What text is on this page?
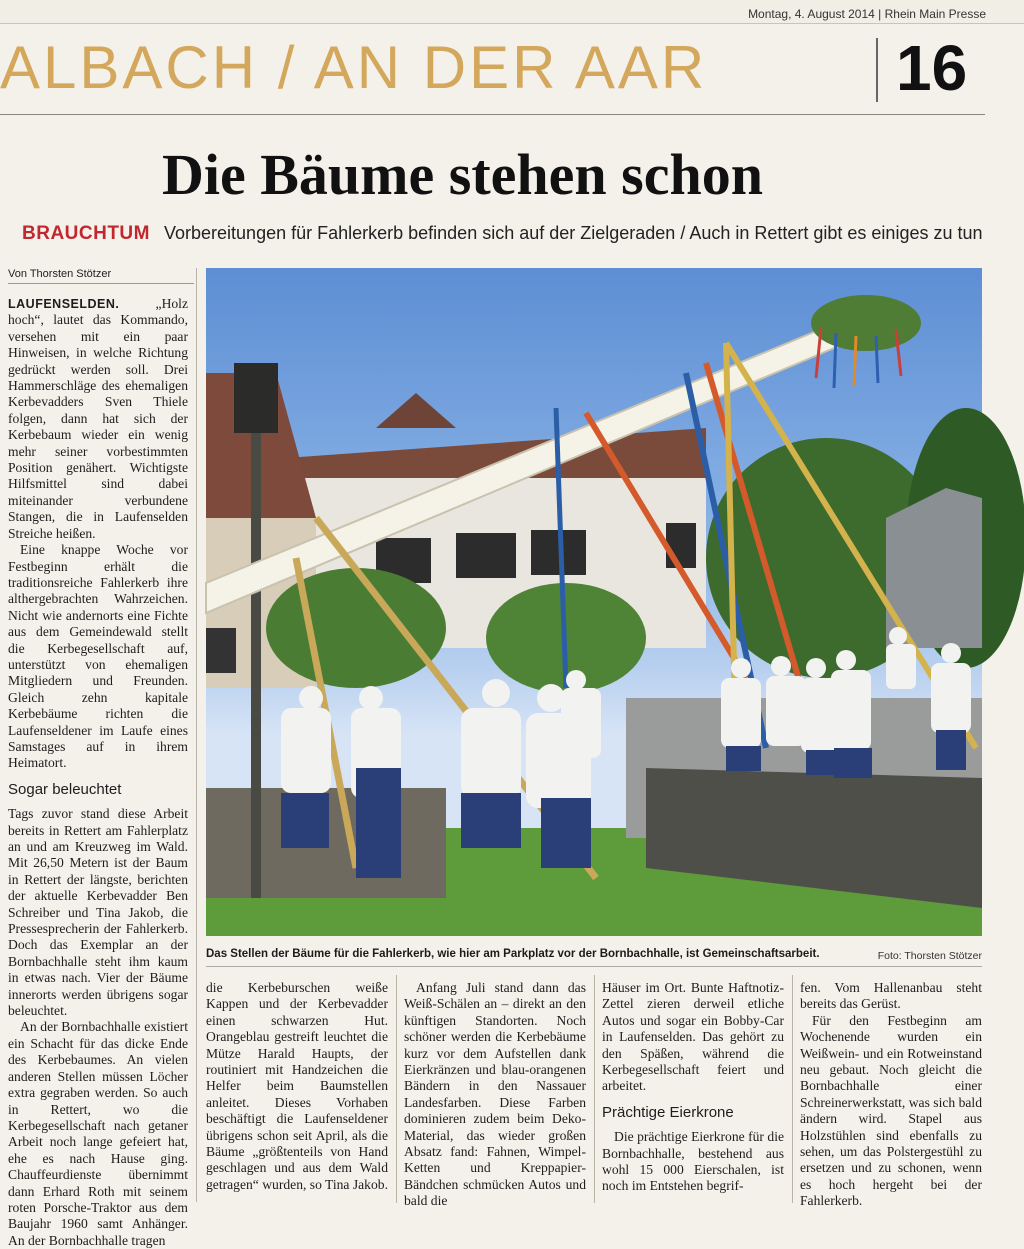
Montag, 4. August 2014 | Rhein Main Presse
ALBACH / AN DER AAR	16
Die Bäume stehen schon
BRAUCHTUM Vorbereitungen für Fahlerkerb befinden sich auf der Zielgeraden / Auch in Rettert gibt es einiges zu tun
Von Thorsten Stötzer
Das Stellen der Bäume für die Fahlerkerb, wie hier am Parkplatz vor der Bornbachhalle, ist Gemeinschaftsarbeit.	Foto: Thorsten Stötzer

LAUFENSELDEN. „Holz hoch“, lautet das Kommando, versehen mit ein paar Hinweisen, in welche Richtung gedrückt werden soll. Drei Hammerschläge des ehemaligen Kerbevadders Sven Thiele folgen, dann hat sich der Kerbebaum wieder ein wenig mehr seiner vorbestimmten Position genähert. Wichtigste Hilfsmittel sind dabei miteinander verbundene Stangen, die in Laufenselden Streiche heißen.

Eine knappe Woche vor Festbeginn erhält die traditionsreiche Fahlerkerb ihre althergebrachten Wahrzeichen. Nicht wie andernorts eine Fichte aus dem Gemeindewald stellt die Kerbegesellschaft auf, unterstützt von ehemaligen Mitgliedern und Freunden. Gleich zehn kapitale Kerbebäume richten die Laufenseldener im Laufe eines Samstages auf in ihrem Heimatort.

Sogar beleuchtet

Tags zuvor stand diese Arbeit bereits in Rettert am Fahlerplatz an und am Kreuzweg im Wald. Mit 26,50 Metern ist der Baum in Rettert der längste, berichten der aktuelle Kerbevadder Ben Schreiber und Tina Jakob, die Pressesprecherin der Fahlerkerb. Doch das Exemplar an der Bornbachhalle steht ihm kaum in etwas nach. Vier der Bäume innerorts werden übrigens sogar beleuchtet.

An der Bornbachhalle existiert ein Schacht für das dicke Ende des Kerbebaumes. An vielen anderen Stellen müssen Löcher extra gegraben werden. So auch in Rettert, wo die Kerbegesellschaft nach getaner Arbeit noch lange gefeiert hat, ehe es nach Hause ging. Chauffeurdienste übernimmt dann Erhard Roth mit seinem roten Porsche-Traktor aus dem Baujahr 1960 samt Anhänger. An der Bornbachhalle tragen

die Kerbeburschen weiße Kappen und der Kerbevadder einen schwarzen Hut. Orangeblau gestreift leuchtet die Mütze Harald Haupts, der routiniert mit Handzeichen die Helfer beim Baumstellen anleitet. Dieses Vorhaben beschäftigt die Laufenseldener übrigens schon seit April, als die Bäume „größtenteils von Hand geschlagen und aus dem Wald getragen“ wurden, so Tina Jakob.

Anfang Juli stand dann das Weiß-Schälen an – direkt an den künftigen Standorten. Noch schöner werden die Kerbebäume kurz vor dem Aufstellen dank Eierkränzen und blau-orangenen Bändern in den Nassauer Landesfarben. Diese Farben dominieren zudem beim Deko-Material, das wieder großen Absatz fand: Fahnen, Wimpel-Ketten und Kreppapier-Bändchen schmücken Autos und bald die

Häuser im Ort. Bunte Haftnotiz-Zettel zieren derweil etliche Autos und sogar ein Bobby-Car in Laufenselden. Das gehört zu den Späßen, während die Kerbegesellschaft feiert und arbeitet.

Prächtige Eierkrone

Die prächtige Eierkrone für die Bornbachhalle, bestehend aus wohl 15 000 Eierschalen, ist noch im Entstehen begrif-

fen. Vom Hallenanbau steht bereits das Gerüst.

Für den Festbeginn am Wochenende wurden ein Weißwein- und ein Rotweinstand neu gebaut. Noch gleicht die Bornbachhalle einer Schreinerwerkstatt, was sich bald ändern wird. Stapel aus Holzstühlen sind ebenfalls zu sehen, um das Polstergestühl zu ersetzen und zu schonen, wenn es hoch hergeht bei der Fahlerkerb.
